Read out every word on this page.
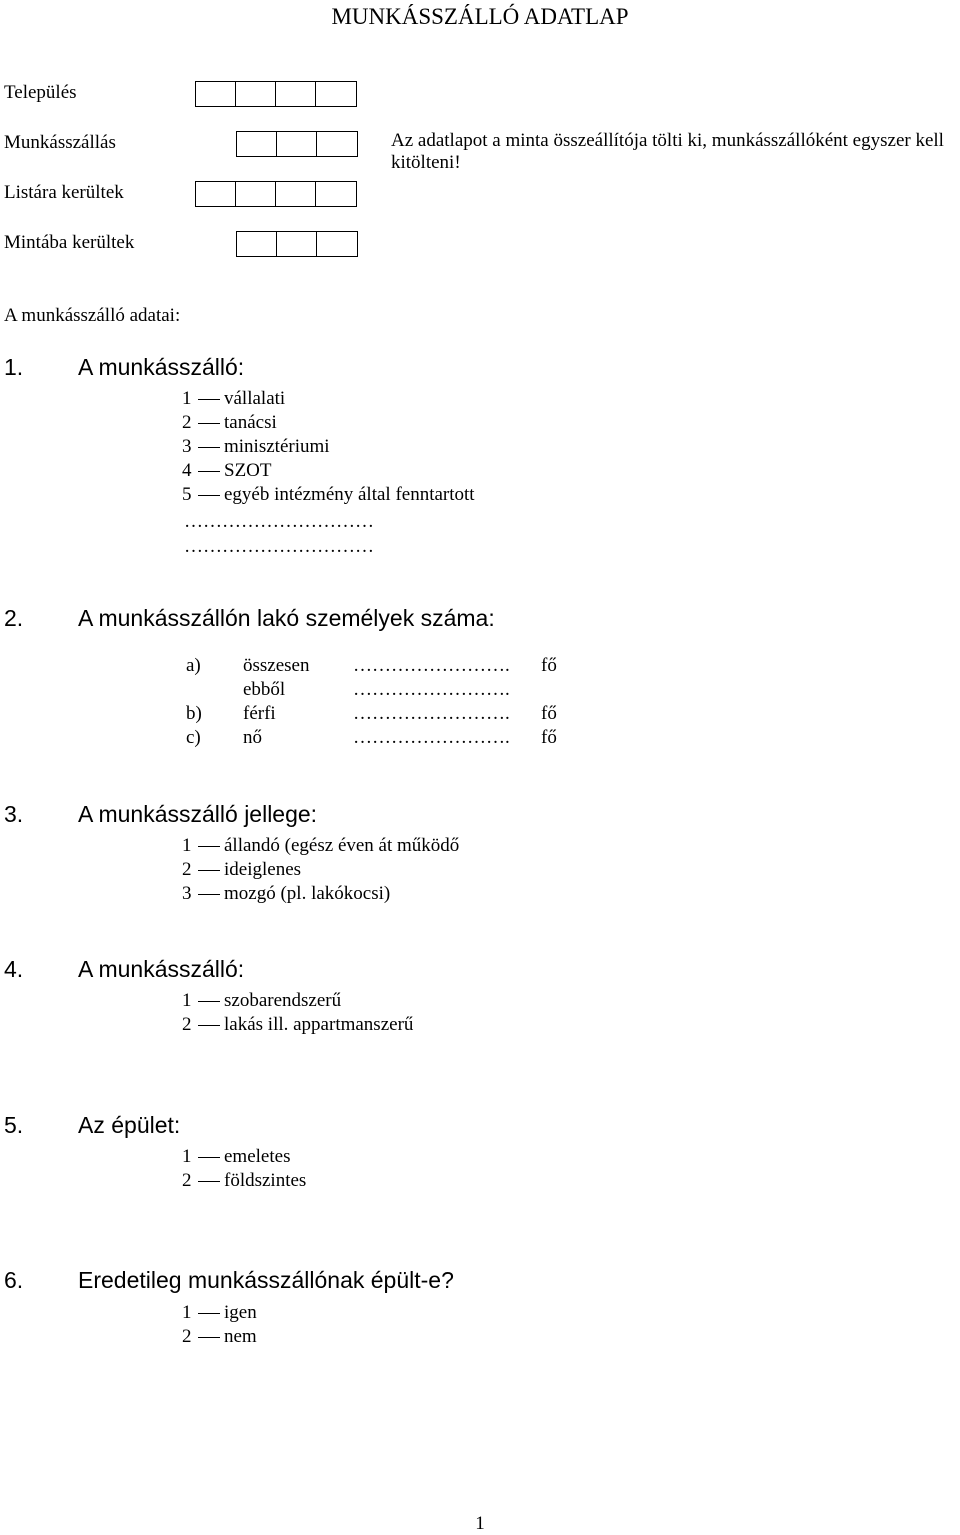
MUNKÁSSZÁLLÓ ADATLAP
Település
Munkásszállás
Listára kerültek
Mintába kerültek
Az adatlapot a minta összeállítója tölti ki, munkásszállóként egyszer kell kitölteni!
A munkásszálló adatai:
1. A munkásszálló:
1 vállalati
2 tanácsi
3 minisztériumi
4 SZOT
5 egyéb intézmény által fenntartott
…………………………
…………………………
2. A munkásszállón lakó személyek száma:
a) összesen ……………………. fő
ebből	…………………….
b) férfi	……………………. fő
c) nő	……………………. fő
3. A munkásszálló jellege:
1 állandó (egész éven át működő
2 ideiglenes
3 mozgó (pl. lakókocsi)
4. A munkásszálló:
1 szobarendszerű
2 lakás ill. appartmanszerű
5. Az épület:
1 emeletes
2 földszintes
6. Eredetileg munkásszállónak épült-e?
1 igen
2 nem
1
